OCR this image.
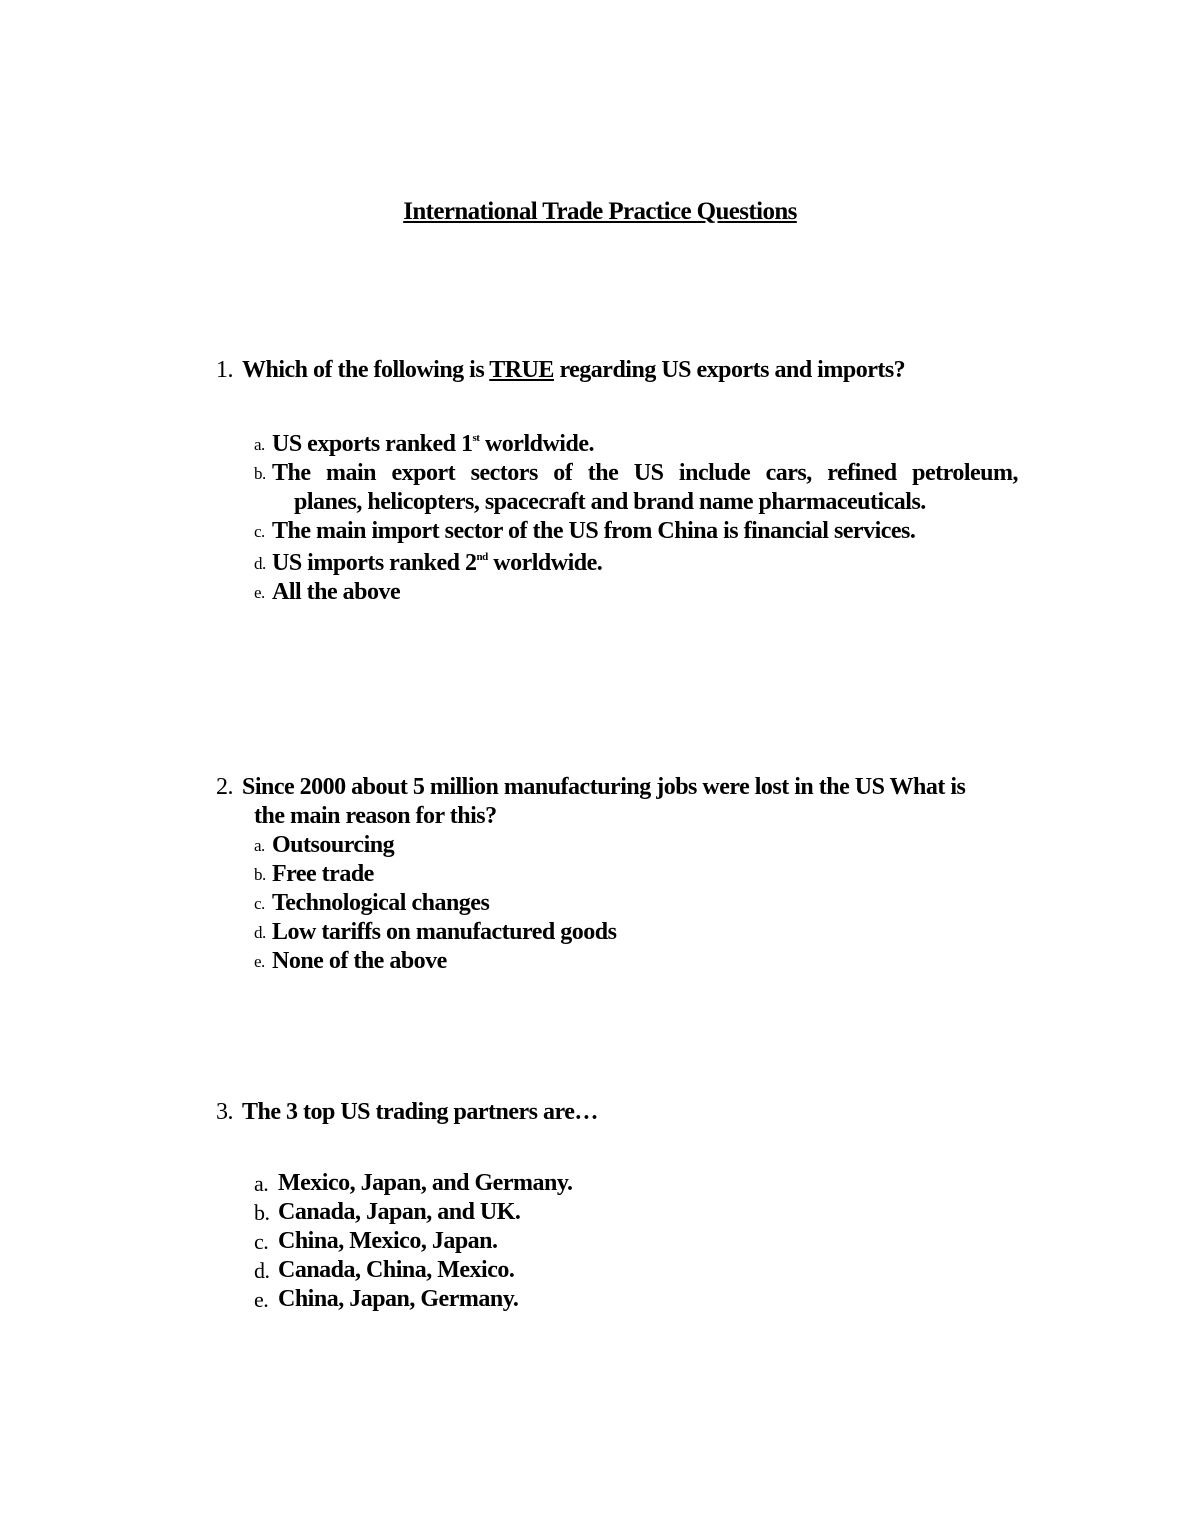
International Trade Practice Questions
1. Which of the following is TRUE regarding US exports and imports?
a. US exports ranked 1st worldwide.
b. The main export sectors of the US include cars, refined petroleum,
planes, helicopters, spacecraft and brand name pharmaceuticals.
c. The main import sector of the US from China is financial services.
d. US imports ranked 2nd worldwide.
e. All the above
2. Since 2000 about 5 million manufacturing jobs were lost in the US What is
the main reason for this?
a. Outsourcing
b. Free trade
c. Technological changes
d. Low tariffs on manufactured goods
e. None of the above
3. The 3 top US trading partners are…
a. Mexico, Japan, and Germany.
b. Canada, Japan, and UK.
c. China, Mexico, Japan.
d. Canada, China, Mexico.
e. China, Japan, Germany.
